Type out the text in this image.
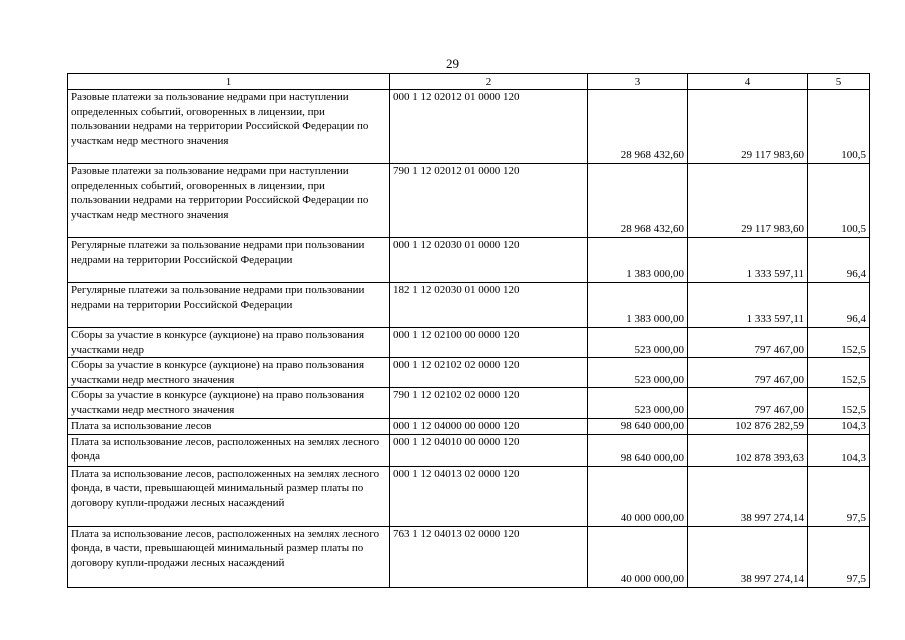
29
1	2	3	4	5
Разовые платежи за пользование недрами при наступлении определенных событий, оговоренных в лицензии, при пользовании недрами на территории Российской Федерации по участкам недр местного значения	000 1 12 02012 01 0000 120	28 968 432,60	29 117 983,60	100,5
Разовые платежи за пользование недрами при наступлении определенных событий, оговоренных в лицензии, при пользовании недрами на территории Российской Федерации по участкам недр местного значения	790 1 12 02012 01 0000 120	28 968 432,60	29 117 983,60	100,5
Регулярные платежи за пользование недрами при пользовании недрами на территории Российской Федерации	000 1 12 02030 01 0000 120	1 383 000,00	1 333 597,11	96,4
Регулярные платежи за пользование недрами при пользовании недрами на территории Российской Федерации	182 1 12 02030 01 0000 120	1 383 000,00	1 333 597,11	96,4
Сборы за участие в конкурсе (аукционе) на право пользования участками недр	000 1 12 02100 00 0000 120	523 000,00	797 467,00	152,5
Сборы за участие в конкурсе (аукционе) на право пользования участками недр местного значения	000 1 12 02102 02 0000 120	523 000,00	797 467,00	152,5
Сборы за участие в конкурсе (аукционе) на право пользования участками недр местного значения	790 1 12 02102 02 0000 120	523 000,00	797 467,00	152,5
Плата за использование лесов	000 1 12 04000 00 0000 120	98 640 000,00	102 876 282,59	104,3
Плата за использование лесов, расположенных на землях лесного фонда	000 1 12 04010 00 0000 120	98 640 000,00	102 878 393,63	104,3
Плата за использование лесов, расположенных на землях лесного фонда, в части, превышающей минимальный размер платы по договору купли-продажи лесных насаждений	000 1 12 04013 02 0000 120	40 000 000,00	38 997 274,14	97,5
Плата за использование лесов, расположенных на землях лесного фонда, в части, превышающей минимальный размер платы по договору купли-продажи лесных насаждений	763 1 12 04013 02 0000 120	40 000 000,00	38 997 274,14	97,5
